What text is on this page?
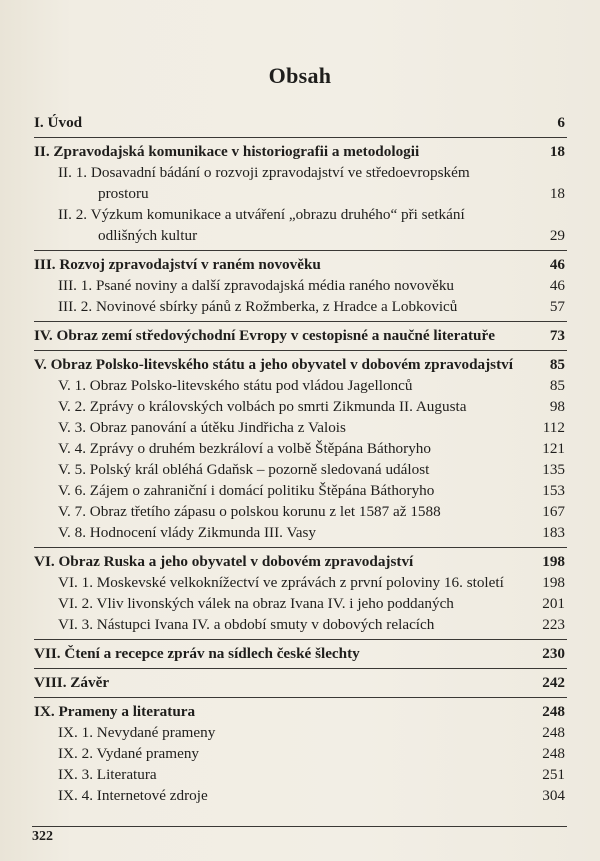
Obsah
I. Úvod	6
II. Zpravodajská komunikace v historiografii a metodologii	18
II. 1. Dosavadní bádání o rozvoji zpravodajství ve středoevropském prostoru	18
II. 2. Výzkum komunikace a utváření „obrazu druhého“ při setkání odlišných kultur	29
III. Rozvoj zpravodajství v raném novověku	46
III. 1. Psané noviny a další zpravodajská média raného novověku	46
III. 2. Novinové sbírky pánů z Rožmberka, z Hradce a Lobkoviců	57
IV. Obraz zemí středovýchodní Evropy v cestopisné a naučné literatuře	73
V. Obraz Polsko-litevského státu a jeho obyvatel v dobovém zpravodajství	85
V. 1. Obraz Polsko-litevského státu pod vládou Jagellonců	85
V. 2. Zprávy o královských volbách po smrti Zikmunda II. Augusta	98
V. 3. Obraz panování a útěku Jindřicha z Valois	112
V. 4. Zprávy o druhém bezkráloví a volbě Štěpána Báthoryho	121
V. 5. Polský král obléhá Gdaňsk – pozorně sledovaná událost	135
V. 6. Zájem o zahraniční i domácí politiku Štěpána Báthoryho	153
V. 7. Obraz třetího zápasu o polskou korunu z let 1587 až 1588	167
V. 8. Hodnocení vlády Zikmunda III. Vasy	183
VI. Obraz Ruska a jeho obyvatel v dobovém zpravodajství	198
VI. 1. Moskevské velkoknížectví ve zprávách z první poloviny 16. století	198
VI. 2. Vliv livonských válek na obraz Ivana IV. i jeho poddaných	201
VI. 3. Nástupci Ivana IV. a období smuty v dobových relacích	223
VII. Čtení a recepce zpráv na sídlech české šlechty	230
VIII. Závěr	242
IX. Prameny a literatura	248
IX. 1. Nevydané prameny	248
IX. 2. Vydané prameny	248
IX. 3. Literatura	251
IX. 4. Internetové zdroje	304
322
